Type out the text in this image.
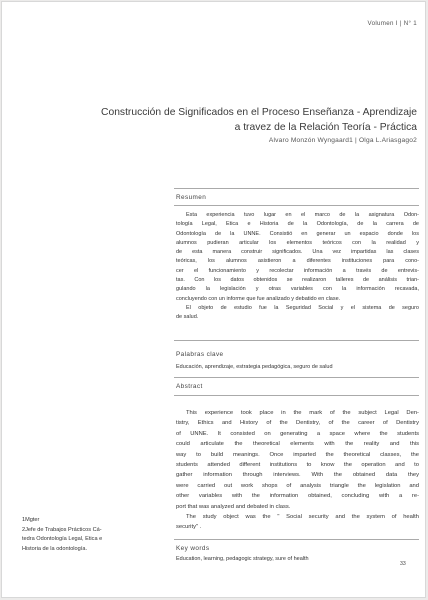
Volumen I | N° 1
Construcción de Significados en el Proceso Enseñanza - Aprendizaje
a travez de la Relación Teoría - Práctica
Alvaro Monzón Wyngaard1 | Olga L.Ariasgago2
Resumen
Esta experiencia tuvo lugar en el marco de la asignatura Odon-
tología Legal, Etica e Historia de la Odontología, de la carrera de
Odontología de la UNNE. Consistió en generar un espacio donde los
alumnos pudieran articular los elementos teóricos con la realidad y
de esta manera construir significados. Una vez impartidas las clases
teóricas, los alumnos asistieron a diferentes instituciones para cono-
cer el funcionamiento y recolectar información a través de entrevis-
tas. Con los datos obtenidos se realizaron talleres de análisis trian-
gulando la legislación y otras variables con la información recavada,
concluyendo con un informe que fue analizado y debatido en clase.
El objeto de estudio fue la Seguridad Social y el sistema de seguro
de salud.
Palabras clave
Educación, aprendizaje, estrategia pedagógica, seguro de salud
Abstract
This experience took place in the mark of the subject Legal Den-
tistry, Ethics and History of the Dentistry, of the career of Dentistry
of UNNE. It consisted on generating a space where the students
could articulate the theoretical elements with the reality and this
way to build meanings. Once imparted the theoretical classes, the
students attended different institutions to know the operation and to
gather information through interviews. With the obtained data they
were carried out work shops of analysis triangle the legislation and
other variables with the information obtained, concluding with a re-
port that was analyzed and debated in class.
The study object was the " Social security and the system of health
security" .
Key words
Education, learning, pedagogic strategy, sure of health
1Mgter
2Jefe de Trabajos Prácticos Cá-
tedra Odontología Legal, Etica e
Historia de la odontología.
33
